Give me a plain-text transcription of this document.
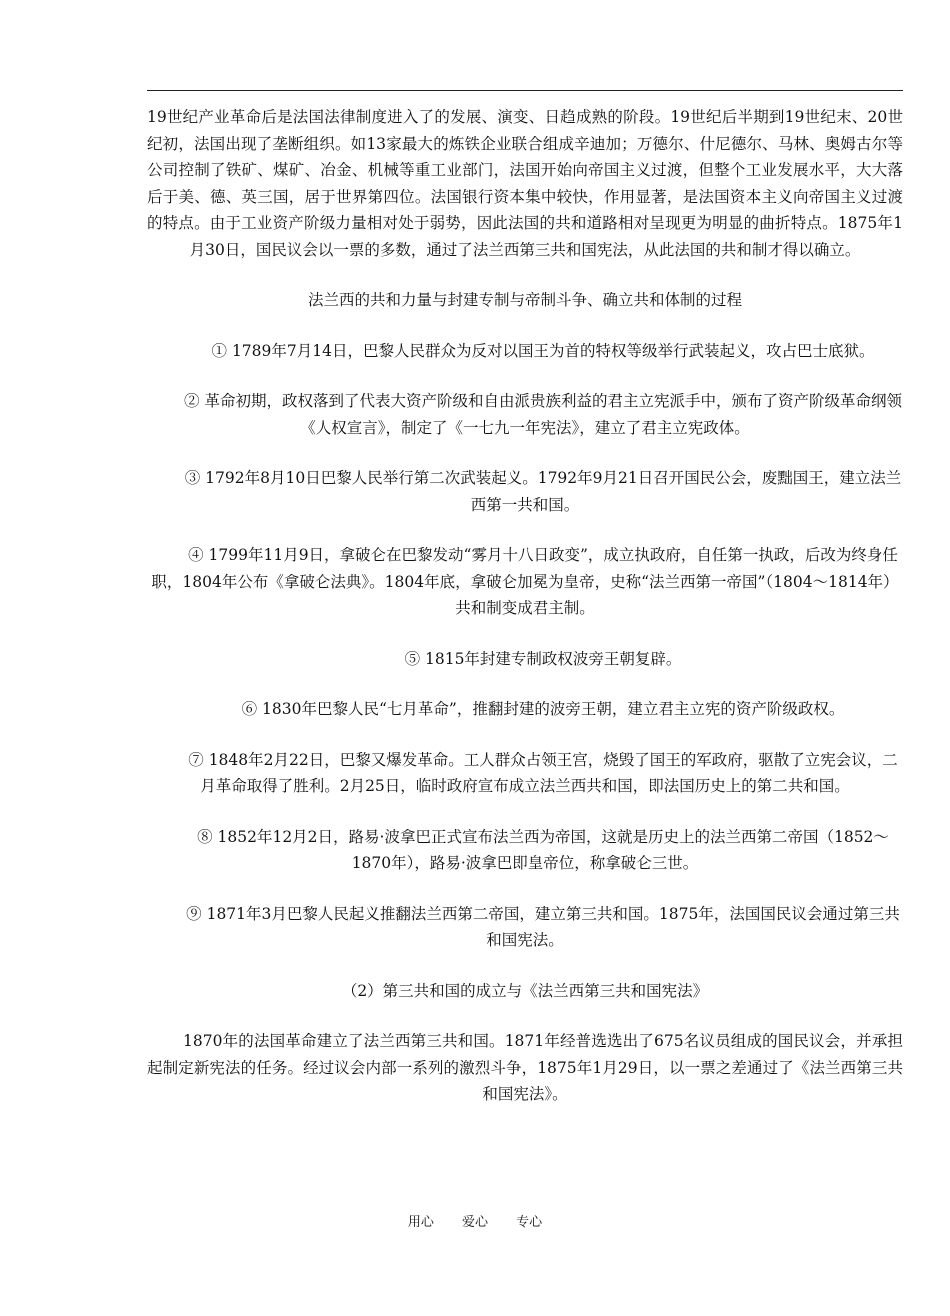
19世纪产业革命后是法国法律制度进入了的发展、演变、日趋成熟的阶段。19世纪后半期到19世纪末、20世纪初，法国出现了垄断组织。如13家最大的炼铁企业联合组成辛迪加；万德尔、什尼德尔、马林、奥姆古尔等公司控制了铁矿、煤矿、冶金、机械等重工业部门，法国开始向帝国主义过渡，但整个工业发展水平，大大落后于美、德、英三国，居于世界第四位。法国银行资本集中较快，作用显著，是法国资本主义向帝国主义过渡的特点。由于工业资产阶级力量相对处于弱势，因此法国的共和道路相对呈现更为明显的曲折特点。1875年1月30日，国民议会以一票的多数，通过了法兰西第三共和国宪法，从此法国的共和制才得以确立。

法兰西的共和力量与封建专制与帝制斗争、确立共和体制的过程

① 1789年7月14日，巴黎人民群众为反对以国王为首的特权等级举行武装起义，攻占巴士底狱。

② 革命初期，政权落到了代表大资产阶级和自由派贵族利益的君主立宪派手中，颁布了资产阶级革命纲领《人权宣言》，制定了《一七九一年宪法》，建立了君主立宪政体。

③ 1792年8月10日巴黎人民举行第二次武装起义。1792年9月21日召开国民公会，废黜国王，建立法兰西第一共和国。

④ 1799年11月9日，拿破仑在巴黎发动“雾月十八日政变”，成立执政府，自任第一执政，后改为终身任职，1804年公布《拿破仑法典》。1804年底，拿破仑加冕为皇帝，史称“法兰西第一帝国”（1804～1814年）共和制变成君主制。

⑤ 1815年封建专制政权波旁王朝复辟。

⑥ 1830年巴黎人民“七月革命”，推翻封建的波旁王朝，建立君主立宪的资产阶级政权。

⑦ 1848年2月22日，巴黎又爆发革命。工人群众占领王宫，烧毁了国王的军政府，驱散了立宪会议，二月革命取得了胜利。2月25日，临时政府宣布成立法兰西共和国，即法国历史上的第二共和国。

⑧ 1852年12月2日，路易·波拿巴正式宣布法兰西为帝国，这就是历史上的法兰西第二帝国（1852～1870年），路易·波拿巴即皇帝位，称拿破仑三世。

⑨ 1871年3月巴黎人民起义推翻法兰西第二帝国，建立第三共和国。1875年，法国国民议会通过第三共和国宪法。

（2）第三共和国的成立与《法兰西第三共和国宪法》

1870年的法国革命建立了法兰西第三共和国。1871年经普选选出了675名议员组成的国民议会，并承担起制定新宪法的任务。经过议会内部一系列的激烈斗争，1875年1月29日，以一票之差通过了《法兰西第三共和国宪法》。

用心 爱心 专心
